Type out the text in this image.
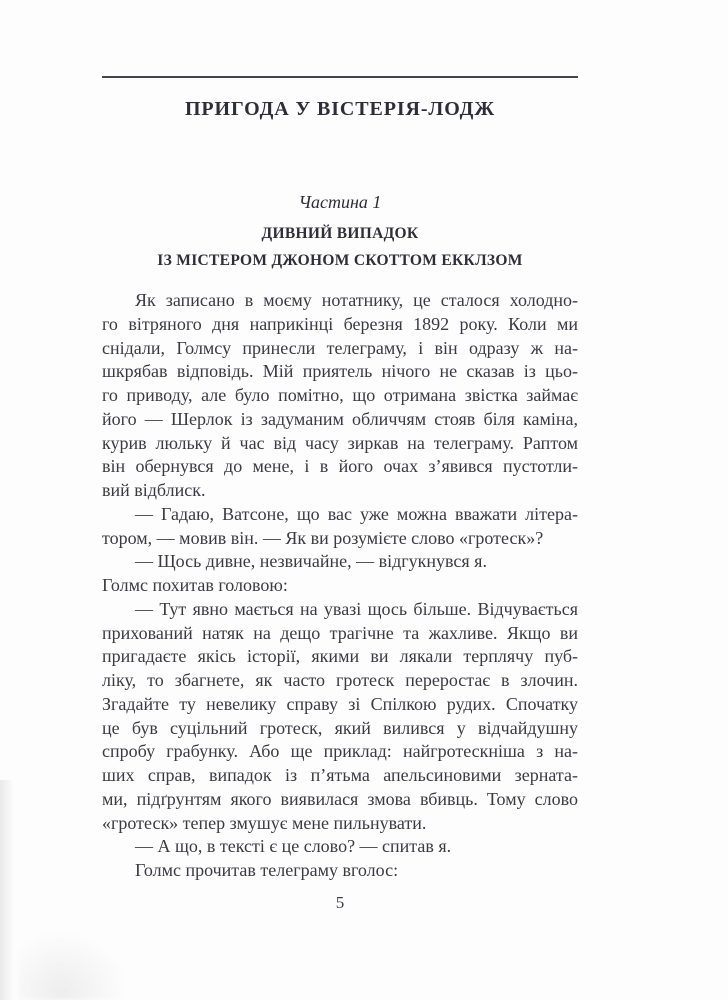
ПРИГОДА У ВІСТЕРІЯ-ЛОДЖ
Частина 1
ДИВНИЙ ВИПАДОК
ІЗ МІСТЕРОМ ДЖОНОМ СКОТТОМ ЕККЛЗОМ
Як записано в моєму нотатнику, це сталося холодно-
го вітряного дня наприкінці березня 1892 року. Коли ми
снідали, Голмсу принесли телеграму, і він одразу ж на-
шкрябав відповідь. Мій приятель нічого не сказав із цьо-
го приводу, але було помітно, що отримана звістка займає
його — Шерлок із задуманим обличчям стояв біля каміна,
курив люльку й час від часу зиркав на телеграму. Раптом
він обернувся до мене, і в його очах з’явився пустотли-
вий відблиск.
— Гадаю, Ватсоне, що вас уже можна вважати літера-
тором, — мовив він. — Як ви розумієте слово «гротеск»?
— Щось дивне, незвичайне, — відгукнувся я.
Голмс похитав головою:
— Тут явно мається на увазі щось більше. Відчувається
прихований натяк на дещо трагічне та жахливе. Якщо ви
пригадаєте якісь історії, якими ви лякали терплячу пуб-
ліку, то збагнете, як часто гротеск переростає в злочин.
Згадайте ту невелику справу зі Спілкою рудих. Спочатку
це був суцільний гротеск, який вилився у відчайдушну
спробу грабунку. Або ще приклад: найгротескніша з на-
ших справ, випадок із п’ятьма апельсиновими зерната-
ми, підґрунтям якого виявилася змова вбивць. Тому слово
«гротеск» тепер змушує мене пильнувати.
— А що, в тексті є це слово? — спитав я.
Голмс прочитав телеграму вголос:
5
